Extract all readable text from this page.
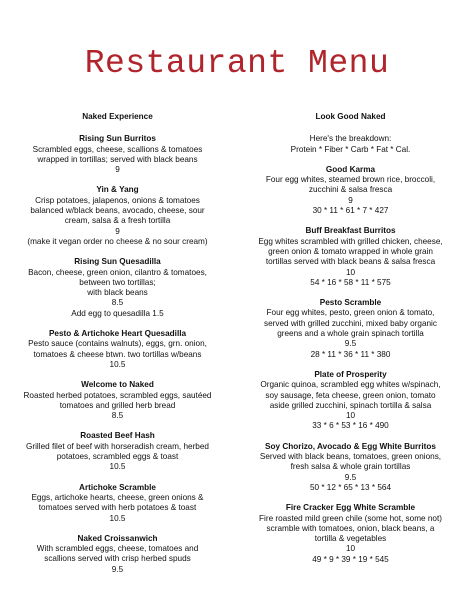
Restaurant Menu
Naked Experience
Rising Sun Burritos
Scrambled eggs, cheese, scallions & tomatoes
wrapped in tortillas; served with black beans
9
Yin & Yang
Crisp potatoes, jalapenos, onions & tomatoes
balanced w/black beans, avocado, cheese, sour
cream, salsa & a fresh tortilla
9
(make it vegan order no cheese & no sour cream)
Rising Sun Quesadilla
Bacon, cheese, green onion, cilantro & tomatoes,
between two tortillas;
with black beans
8.5
Add egg to quesadilla 1.5
Pesto & Artichoke Heart Quesadilla
Pesto sauce (contains walnuts), eggs, grn. onion,
tomatoes & cheese btwn. two tortillas w/beans
10.5
Welcome to Naked
Roasted herbed potatoes, scrambled eggs, sautéed
tomatoes and grilled herb bread
8.5
Roasted Beef Hash
Grilled filet of beef with horseradish cream, herbed
potatoes, scrambled eggs & toast
10.5
Artichoke Scramble
Eggs, artichoke hearts, cheese, green onions &
tomatoes served with herb potatoes & toast
10.5
Naked Croissanwich
With scrambled eggs, cheese, tomatoes and
scallions served with crisp herbed spuds
9.5
Look Good Naked
Here's the breakdown:
Protein * Fiber * Carb * Fat * Cal.
Good Karma
Four egg whites, steamed brown rice, broccoli,
zucchini & salsa fresca
9
30 * 11 * 61 * 7 * 427
Buff Breakfast Burritos
Egg whites scrambled with grilled chicken, cheese,
green onion & tomato wrapped in whole grain
tortillas served with black beans & salsa fresca
10
54 * 16 * 58 * 11 * 575
Pesto Scramble
Four egg whites, pesto, green onion & tomato,
served with grilled zucchini, mixed baby organic
greens and a whole grain spinach tortilla
9.5
28 * 11 * 36 * 11 * 380
Plate of Prosperity
Organic quinoa, scrambled egg whites w/spinach,
soy sausage, feta cheese, green onion, tomato
aside grilled zucchini, spinach tortilla & salsa
10
33 * 6 * 53 * 16 * 490
Soy Chorizo, Avocado & Egg White Burritos
Served with black beans, tomatoes, green onions,
fresh salsa & whole grain tortillas
9.5
50 * 12 * 65 * 13 * 564
Fire Cracker Egg White Scramble
Fire roasted mild green chile (some hot, some not)
scramble with tomatoes, onion, black beans, a
tortilla & vegetables
10
49 * 9 * 39 * 19 * 545
